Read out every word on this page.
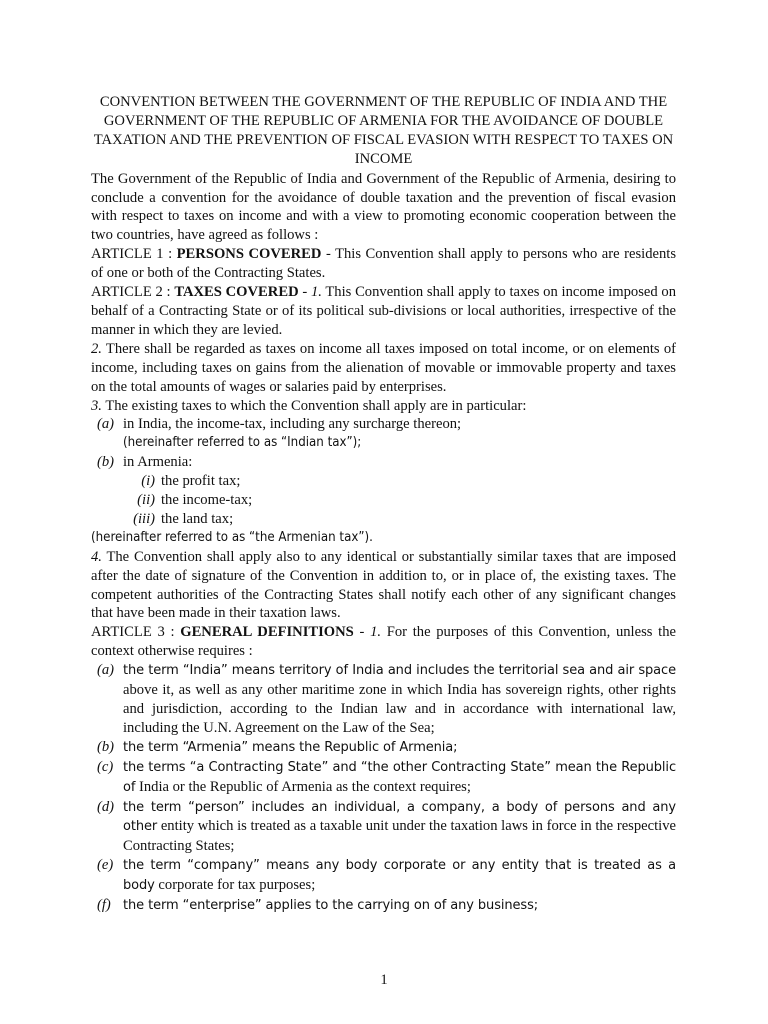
CONVENTION BETWEEN THE GOVERNMENT OF THE REPUBLIC OF INDIA AND THE GOVERNMENT OF THE REPUBLIC OF ARMENIA FOR THE AVOIDANCE OF DOUBLE TAXATION AND THE PREVENTION OF FISCAL EVASION WITH RESPECT TO TAXES ON INCOME

The Government of the Republic of India and Government of the Republic of Armenia, desiring to conclude a convention for the avoidance of double taxation and the prevention of fiscal evasion with respect to taxes on income and with a view to promoting economic cooperation between the two countries, have agreed as follows :

ARTICLE 1 : PERSONS COVERED - This Convention shall apply to persons who are residents of one or both of the Contracting States.

ARTICLE 2 : TAXES COVERED - 1. This Convention shall apply to taxes on income imposed on behalf of a Contracting State or of its political sub-divisions or local authorities, irrespective of the manner in which they are levied.

2. There shall be regarded as taxes on income all taxes imposed on total income, or on elements of income, including taxes on gains from the alienation of movable or immovable property and taxes on the total amounts of wages or salaries paid by enterprises.

3. The existing taxes to which the Convention shall apply are in particular:

(a) in India, the income-tax, including any surcharge thereon;
(hereinafter referred to as “Indian tax”);
(b) in Armenia:
(i) the profit tax;
(ii) the income-tax;
(iii) the land tax;
(hereinafter referred to as “the Armenian tax”).

4. The Convention shall apply also to any identical or substantially similar taxes that are imposed after the date of signature of the Convention in addition to, or in place of, the existing taxes. The competent authorities of the Contracting States shall notify each other of any significant changes that have been made in their taxation laws.

ARTICLE 3 : GENERAL DEFINITIONS - 1. For the purposes of this Convention, unless the context otherwise requires :

(a) the term “India” means territory of India and includes the territorial sea and air space above it, as well as any other maritime zone in which India has sovereign rights, other rights and jurisdiction, according to the Indian law and in accordance with international law, including the U.N. Agreement on the Law of the Sea;
(b) the term “Armenia” means the Republic of Armenia;
(c) the terms “a Contracting State” and “the other Contracting State” mean the Republic of India or the Republic of Armenia as the context requires;
(d) the term “person” includes an individual, a company, a body of persons and any other entity which is treated as a taxable unit under the taxation laws in force in the respective Contracting States;
(e) the term “company” means any body corporate or any entity that is treated as a body corporate for tax purposes;
(f) the term “enterprise” applies to the carrying on of any business;
1
